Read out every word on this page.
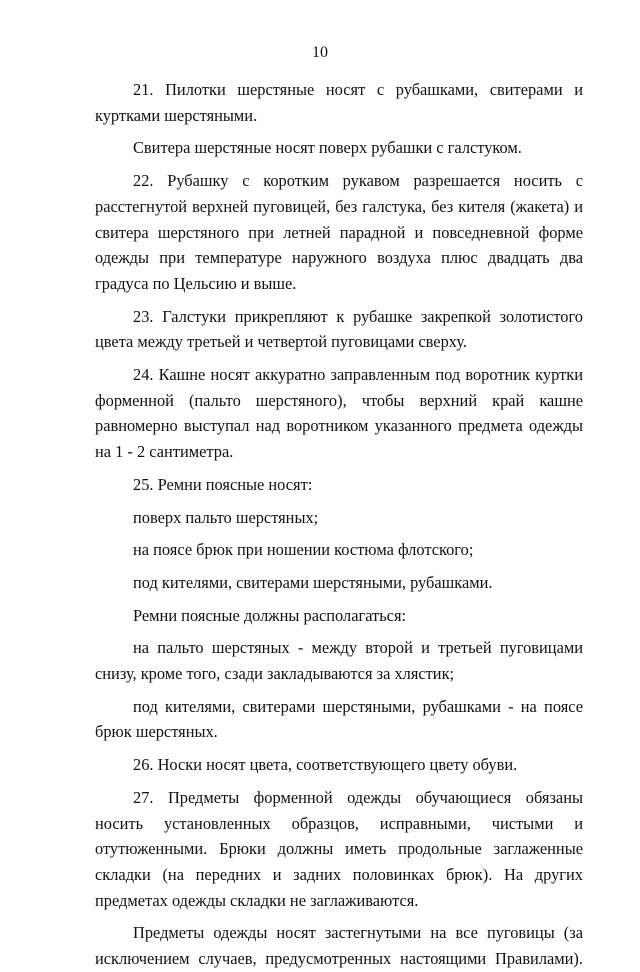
10

21. Пилотки шерстяные носят с рубашками, свитерами и куртками шерстяными.

Свитера шерстяные носят поверх рубашки с галстуком.

22. Рубашку с коротким рукавом разрешается носить с расстегнутой верхней пуговицей, без галстука, без кителя (жакета) и свитера шерстяного при летней парадной и повседневной форме одежды при температуре наружного воздуха плюс двадцать два градуса по Цельсию и выше.

23. Галстуки прикрепляют к рубашке закрепкой золотистого цвета между третьей и четвертой пуговицами сверху.

24. Кашне носят аккуратно заправленным под воротник куртки форменной (пальто шерстяного), чтобы верхний край кашне равномерно выступал над воротником указанного предмета одежды на 1 - 2 сантиметра.

25. Ремни поясные носят:

поверх пальто шерстяных;

на поясе брюк при ношении костюма флотского;

под кителями, свитерами шерстяными, рубашками.

Ремни поясные должны располагаться:

на пальто шерстяных - между второй и третьей пуговицами снизу, кроме того, сзади закладываются за хлястик;

под кителями, свитерами шерстяными, рубашками - на поясе брюк шерстяных.

26. Носки носят цвета, соответствующего цвету обуви.

27. Предметы форменной одежды обучающиеся обязаны носить установленных образцов, исправными, чистыми и отутюженными. Брюки должны иметь продольные заглаженные складки (на передних и задних половинках брюк). На других предметах одежды складки не заглаживаются.

Предметы одежды носят застегнутыми на все пуговицы (за исключением случаев, предусмотренных настоящими Правилами).
